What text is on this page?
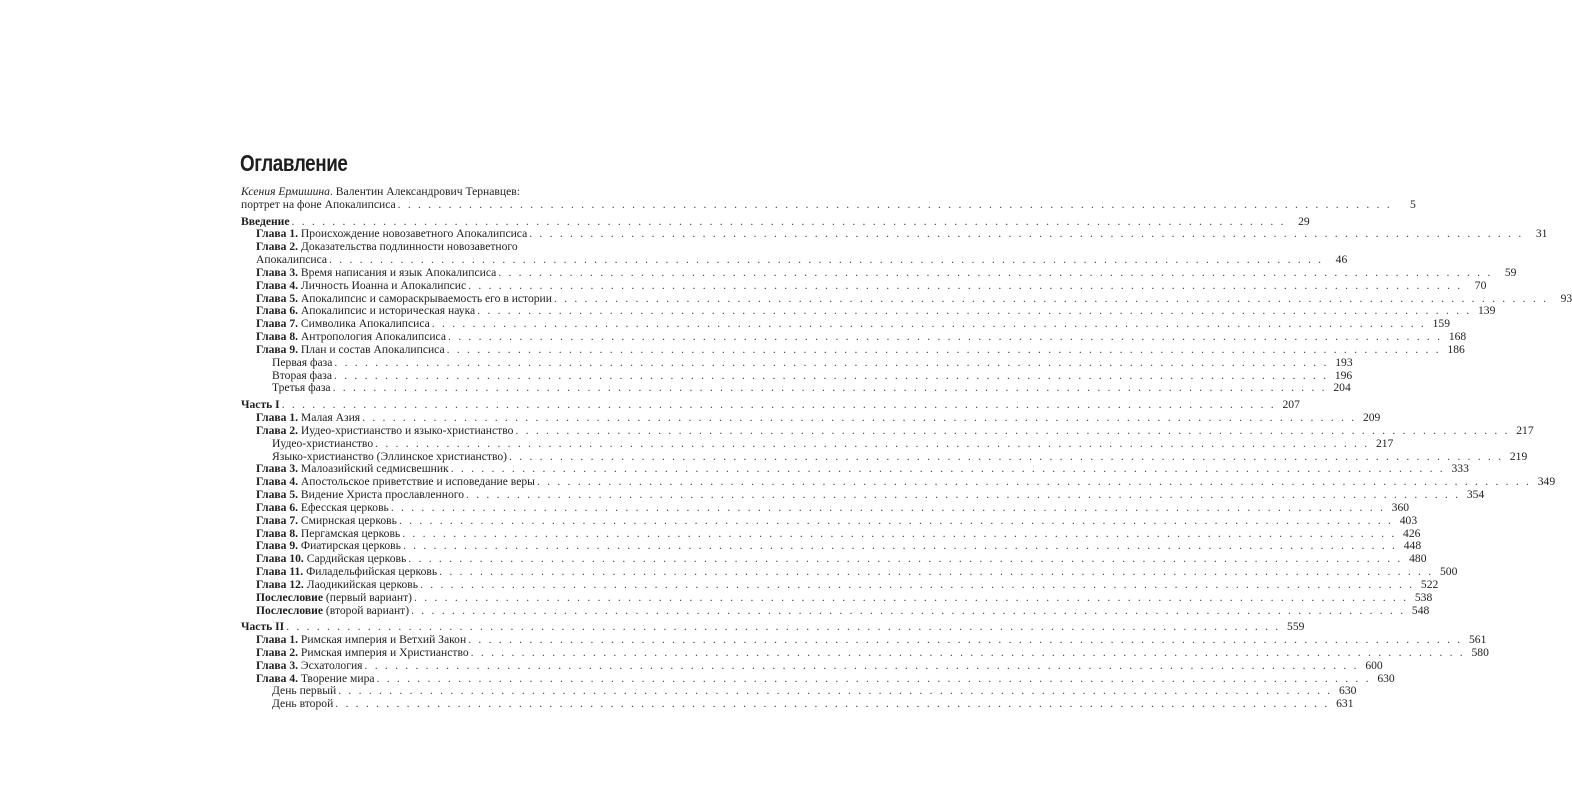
Оглавление
Ксения Ермишина. Валентин Александрович Тернавцев:
портрет на фоне Апокалипсиса . . .	5
Введение . . .	29
Глава 1. Происхождение новозаветного Апокалипсиса . . .	31
Глава 2. Доказательства подлинности новозаветного
Апокалипсиса . . .	46
Глава 3. Время написания и язык Апокалипсиса . . .	59
Глава 4. Личность Иоанна и Апокалипсис . . .	70
Глава 5. Апокалипсис и самораскрываемость его в истории . . .	93
Глава 6. Апокалипсис и историческая наука . . .	139
Глава 7. Символика Апокалипсиса . . .	159
Глава 8. Антропология Апокалипсиса . . .	168
Глава 9. План и состав Апокалипсиса . . .	186
Первая фаза . . .	193
Вторая фаза . . .	196
Третья фаза . . .	204
Часть I . . .	207
Глава 1. Малая Азия . . .	209
Глава 2. Иудео-христианство и языко-христианство . . .	217
Иудео-христианство . . .	217
Языко-христианство (Эллинское христианство) . . .	219
Глава 3. Малоазийский седмисвешник . . .	333
Глава 4. Апостольское приветствие и исповедание веры . . .	349
Глава 5. Видение Христа прославленного . . .	354
Глава 6. Ефесская церковь . . .	360
Глава 7. Смирнская церковь . . .	403
Глава 8. Пергамская церковь . . .	426
Глава 9. Фиатирская церковь . . .	448
Глава 10. Сардийская церковь . . .	480
Глава 11. Филадельфийская церковь . . .	500
Глава 12. Лаодикийская церковь . . .	522
Послесловие (первый вариант) . . .	538
Послесловие (второй вариант) . . .	548
Часть II . . .	559
Глава 1. Римская империя и Ветхий Закон . . .	561
Глава 2. Римская империя и Христианство . . .	580
Глава 3. Эсхатология . . .	600
Глава 4. Творение мира . . .	630
День первый . . .	630
День второй . . .	631
